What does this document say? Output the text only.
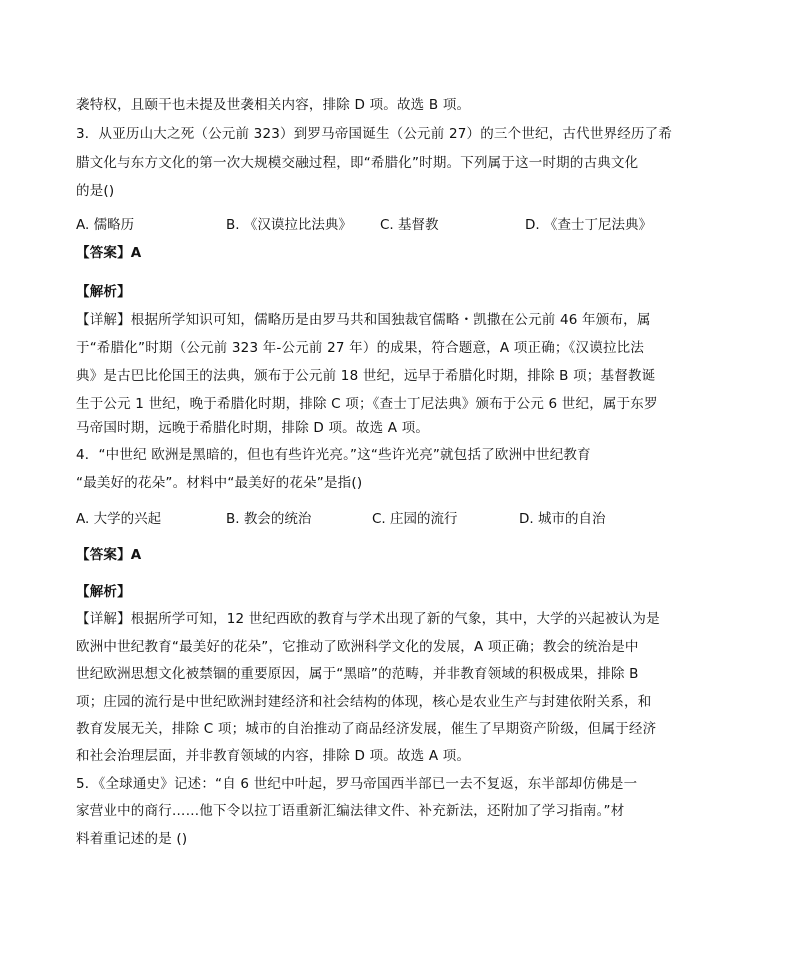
袭特权，且颐干也未提及世袭相关内容，排除 D 项。故选 B 项。
3．从亚历山大之死（公元前 323）到罗马帝国诞生（公元前 27）的三个世纪，古代世界经历了希
腊文化与东方文化的第一次大规模交融过程，即“希腊化”时期。下列属于这一时期的古典文化
的是()
A. 儒略历	B. 《汉谟拉比法典》 C. 基督教	D. 《查士丁尼法典》
【答案】A
【解析】
【详解】根据所学知识可知，儒略历是由罗马共和国独裁官儒略・凯撒在公元前 46 年颁布，属
于“希腊化”时期（公元前 323 年-公元前 27 年）的成果，符合题意，A 项正确；《汉谟拉比法
典》是古巴比伦国王的法典，颁布于公元前 18 世纪，远早于希腊化时期，排除 B 项；基督教诞
生于公元 1 世纪，晚于希腊化时期，排除 C 项；《查士丁尼法典》颁布于公元 6 世纪，属于东罗
马帝国时期，远晚于希腊化时期，排除 D 项。故选 A 项。
4．“中世纪 欧洲是黑暗的，但也有些许光亮。”这“些许光亮”就包括了欧洲中世纪教育
“最美好的花朵”。材料中“最美好的花朵”是指()
A. 大学的兴起	B. 教会的统治	C. 庄园的流行	D. 城市的自治
【答案】A
【解析】
【详解】根据所学可知，12 世纪西欧的教育与学术出现了新的气象，其中，大学的兴起被认为是
欧洲中世纪教育“最美好的花朵”，它推动了欧洲科学文化的发展，A 项正确；教会的统治是中
世纪欧洲思想文化被禁锢的重要原因，属于“黑暗”的范畴，并非教育领域的积极成果，排除 B
项；庄园的流行是中世纪欧洲封建经济和社会结构的体现，核心是农业生产与封建依附关系，和
教育发展无关，排除 C 项；城市的自治推动了商品经济发展，催生了早期资产阶级，但属于经济
和社会治理层面，并非教育领域的内容，排除 D 项。故选 A 项。
5．《全球通史》记述：“自 6 世纪中叶起，罗马帝国西半部已一去不复返，东半部却仿佛是一
家营业中的商行……他下令以拉丁语重新汇编法律文件、补充新法，还附加了学习指南。”材
料着重记述的是 ()
